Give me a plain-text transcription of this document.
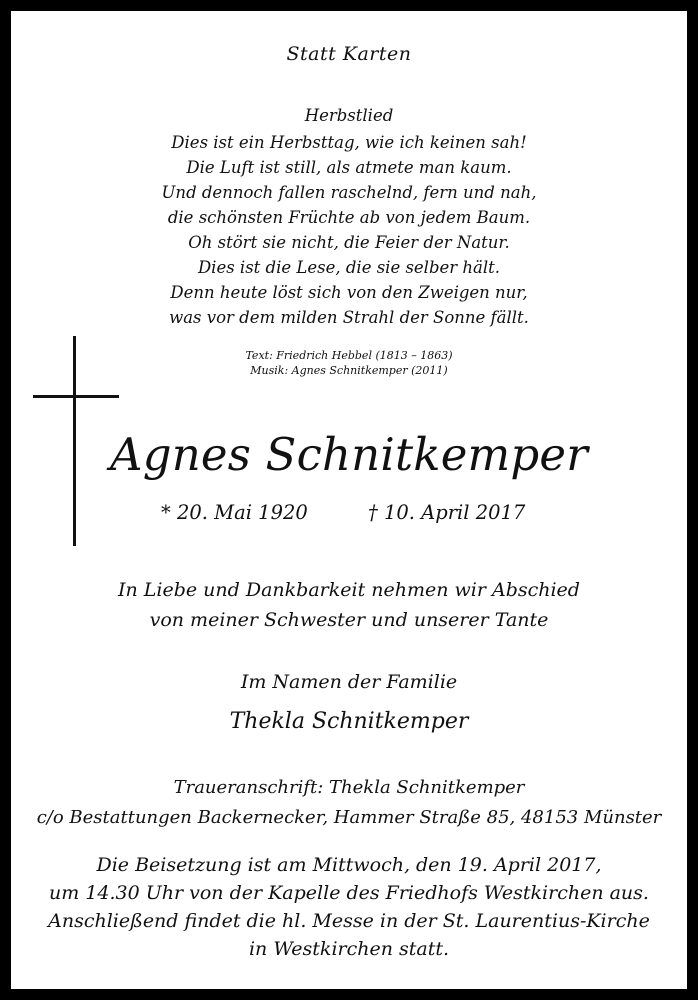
Statt Karten
Herbstlied
Dies ist ein Herbsttag, wie ich keinen sah!
Die Luft ist still, als atmete man kaum.
Und dennoch fallen raschelnd, fern und nah,
die schönsten Früchte ab von jedem Baum.
Oh stört sie nicht, die Feier der Natur.
Dies ist die Lese, die sie selber hält.
Denn heute löst sich von den Zweigen nur,
was vor dem milden Strahl der Sonne fällt.
Text: Friedrich Hebbel (1813 – 1863)
Musik: Agnes Schnitkemper (2011)
Agnes Schnitkemper
* 20. Mai 1920	† 10. April 2017
In Liebe und Dankbarkeit nehmen wir Abschied
von meiner Schwester und unserer Tante
Im Namen der Familie
Thekla Schnitkemper
Traueranschrift: Thekla Schnitkemper
c/o Bestattungen Backernecker, Hammer Straße 85, 48153 Münster
Die Beisetzung ist am Mittwoch, den 19. April 2017,
um 14.30 Uhr von der Kapelle des Friedhofs Westkirchen aus.
Anschließend findet die hl. Messe in der St. Laurentius-Kirche
in Westkirchen statt.
